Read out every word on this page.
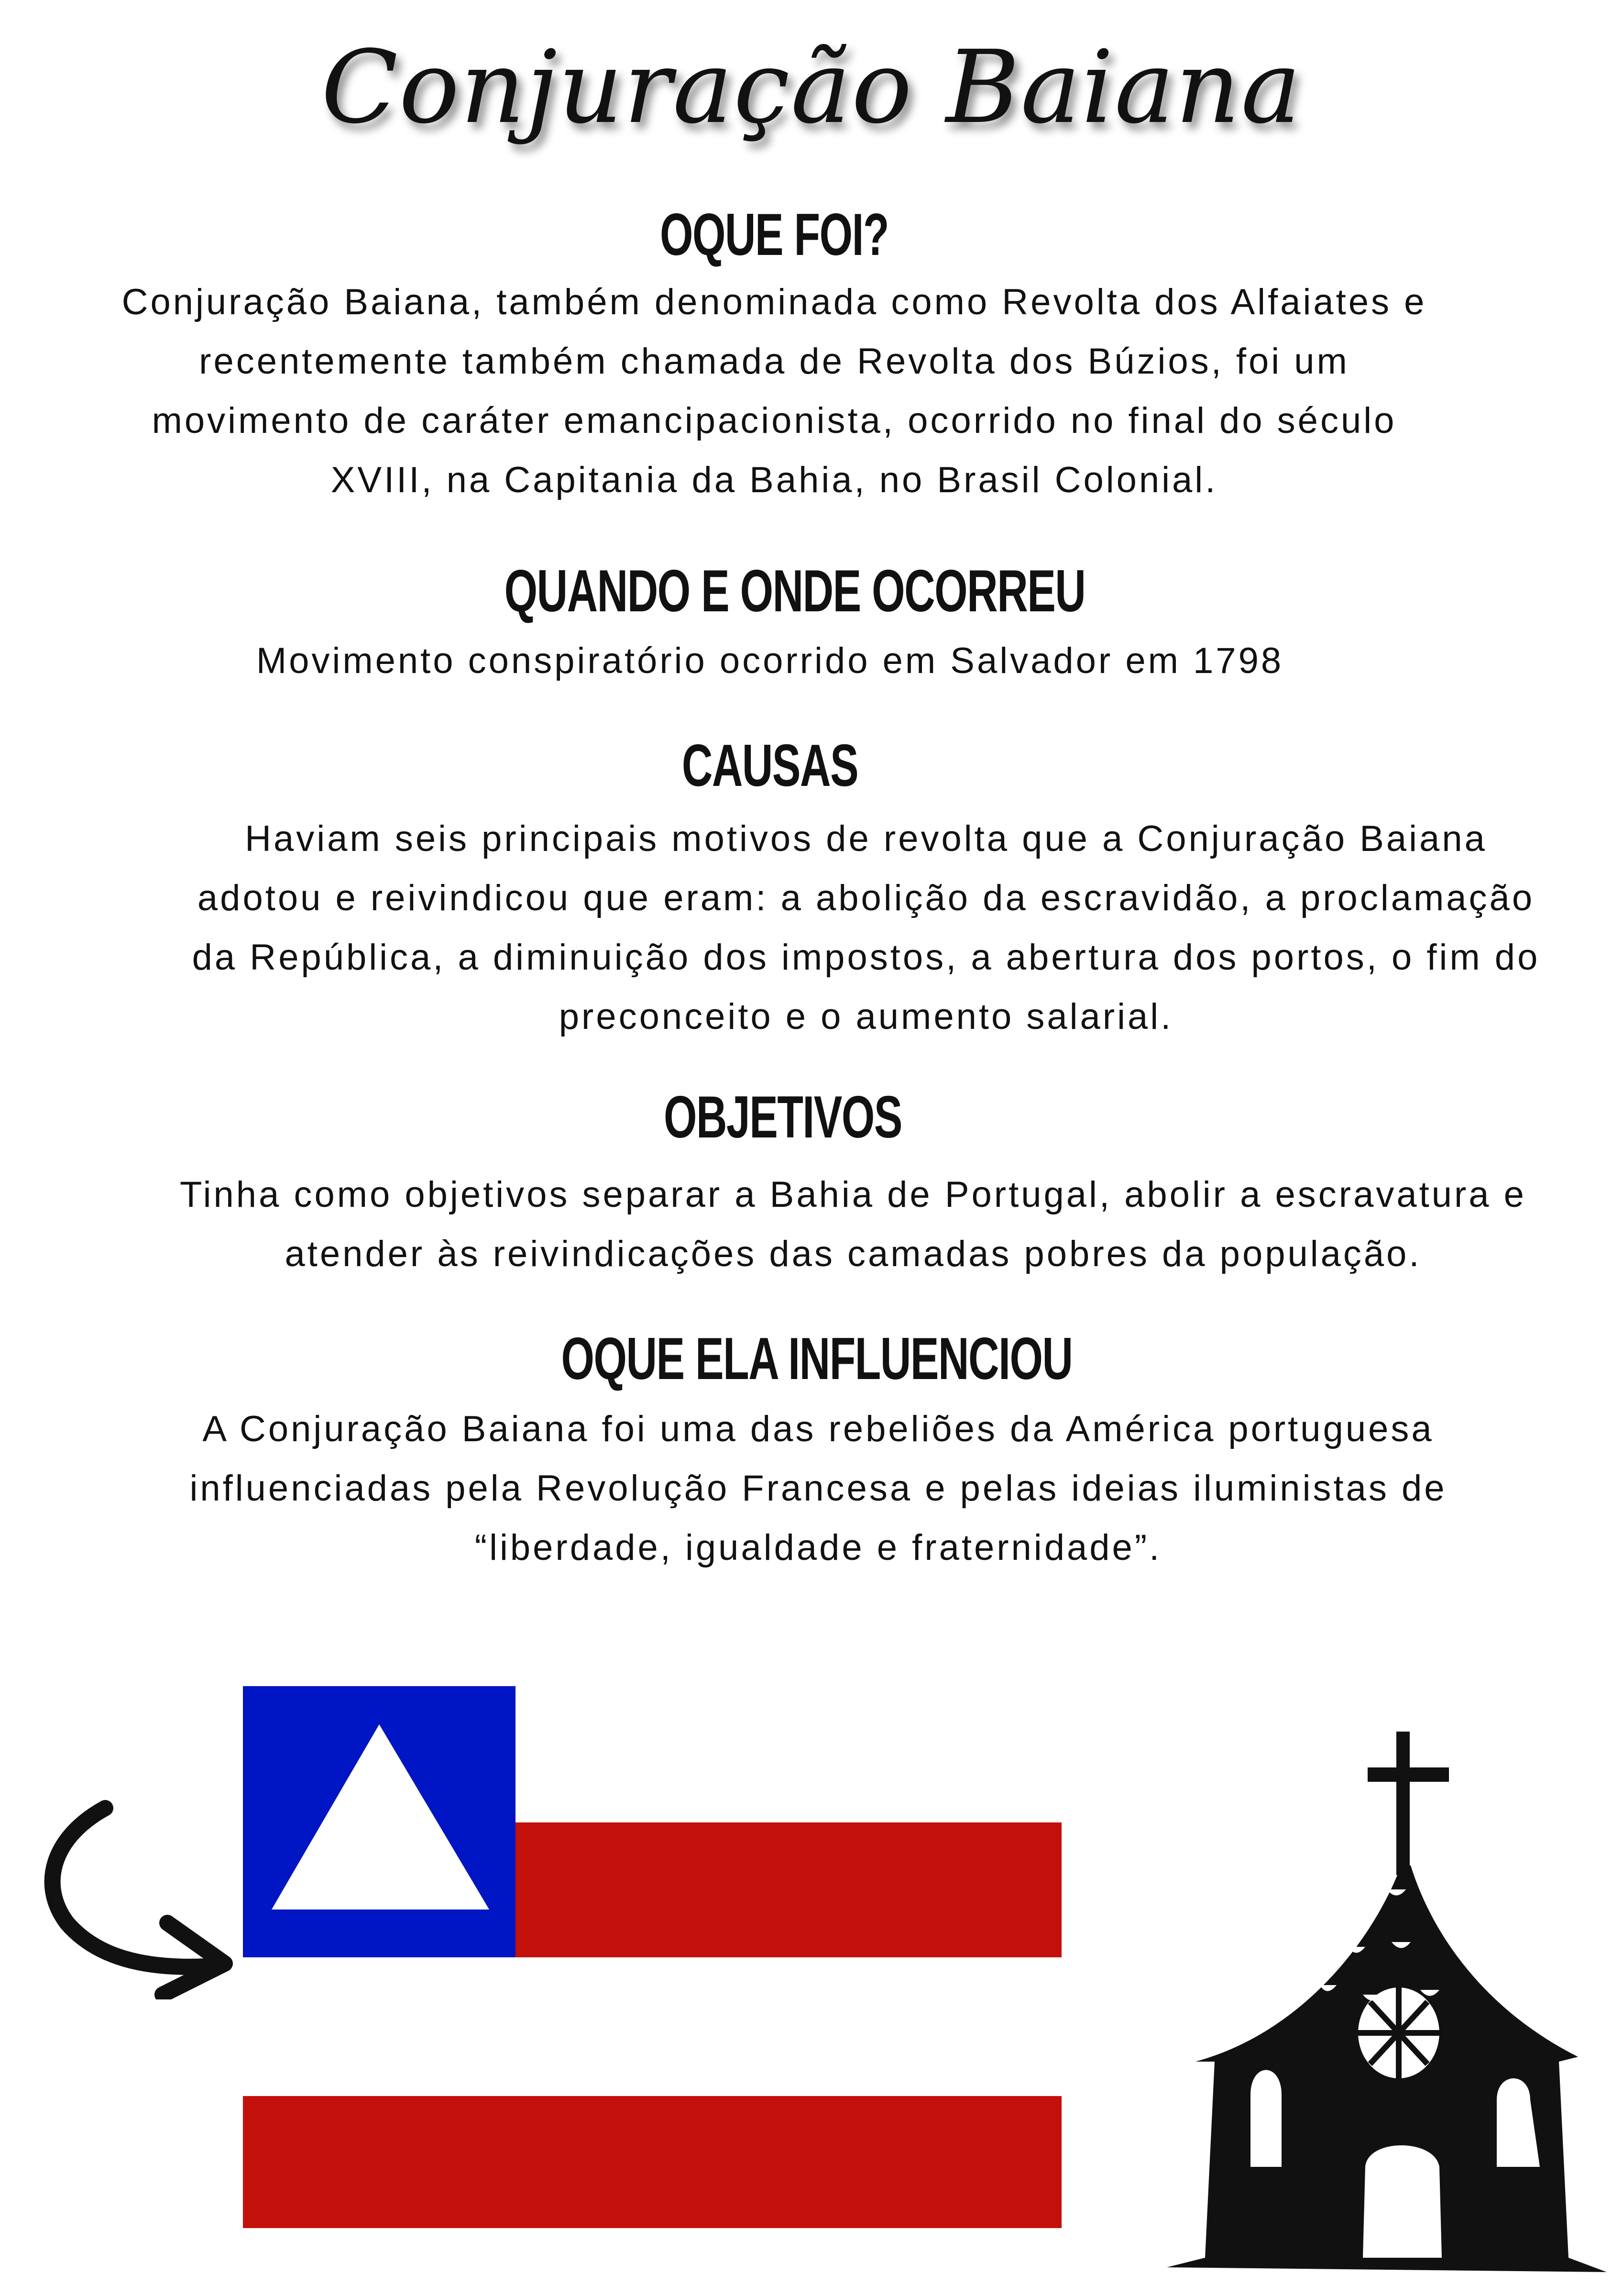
Conjuração Baiana
OQUE FOI?
Conjuração Baiana, também denominada como Revolta dos Alfaiates e
recentemente também chamada de Revolta dos Búzios, foi um
movimento de caráter emancipacionista, ocorrido no final do século
XVIII, na Capitania da Bahia, no Brasil Colonial.
QUANDO E ONDE OCORREU
Movimento conspiratório ocorrido em Salvador em 1798
CAUSAS
Haviam seis principais motivos de revolta que a Conjuração Baiana
adotou e reivindicou que eram: a abolição da escravidão, a proclamação
da República, a diminuição dos impostos, a abertura dos portos, o fim do
preconceito e o aumento salarial.
OBJETIVOS
Tinha como objetivos separar a Bahia de Portugal, abolir a escravatura e
atender às reivindicações das camadas pobres da população.
OQUE ELA INFLUENCIOU
A Conjuração Baiana foi uma das rebeliões da América portuguesa
influenciadas pela Revolução Francesa e pelas ideias iluministas de
“liberdade, igualdade e fraternidade”.
